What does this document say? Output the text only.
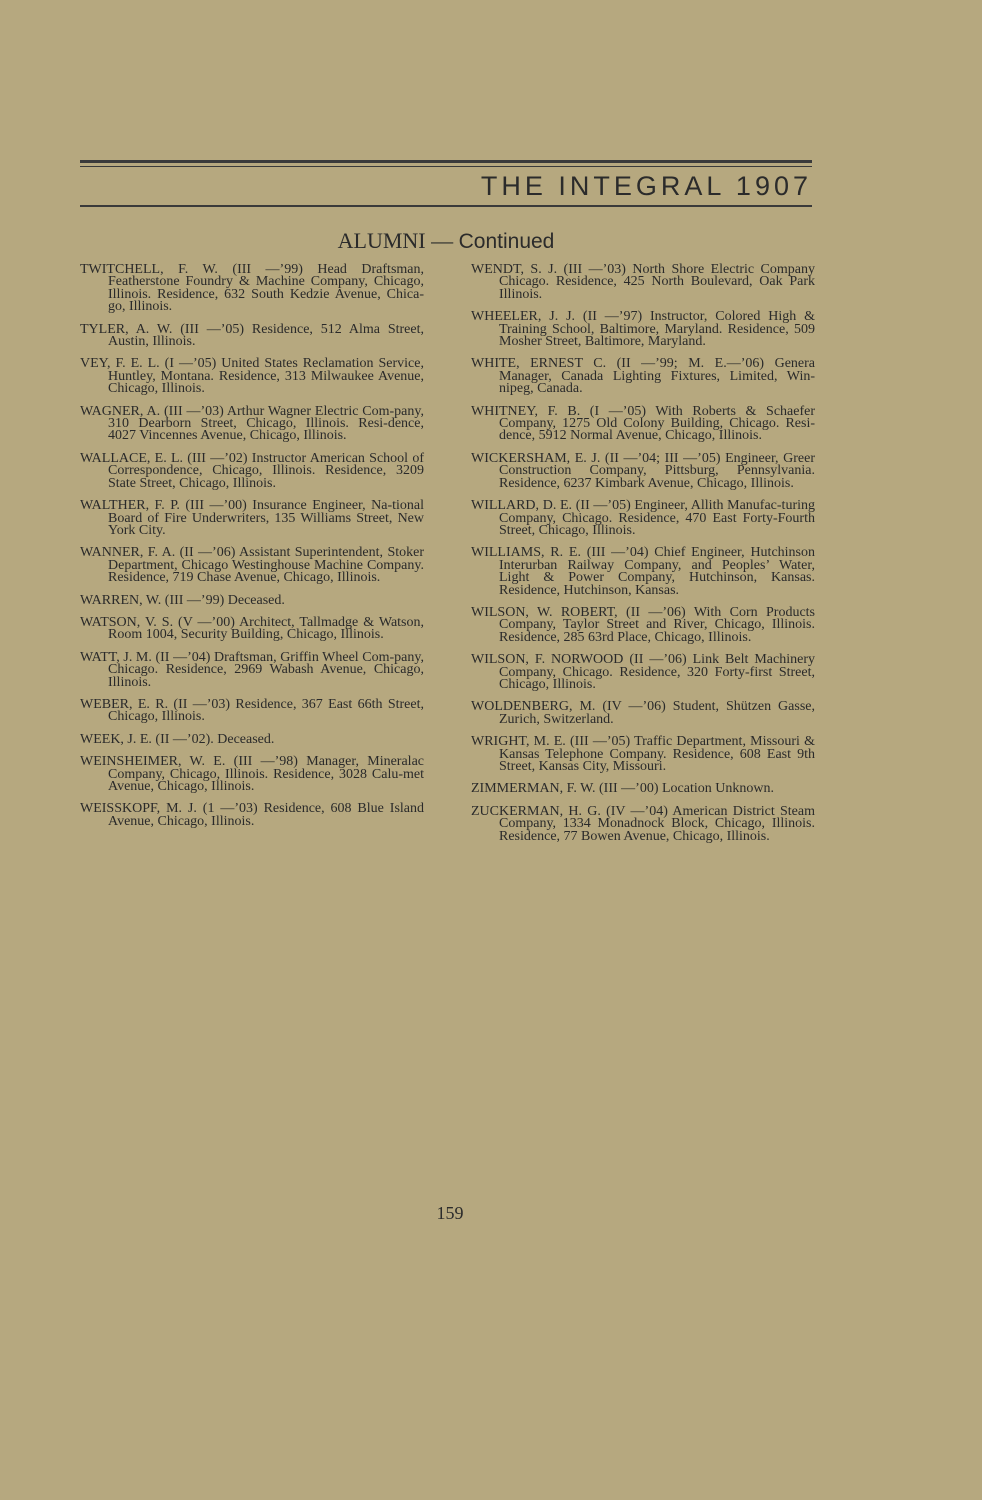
THE INTEGRAL 1907
ALUMNI — Continued

TWITCHELL, F. W. (III —’99) Head Draftsman, Featherstone Foundry & Machine Company, Chicago, Illinois. Residence, 632 South Kedzie Avenue, Chica-go, Illinois.

TYLER, A. W. (III —’05) Residence, 512 Alma Street, Austin, Illinois.

VEY, F. E. L. (I —’05) United States Reclamation Service, Huntley, Montana. Residence, 313 Milwaukee Avenue, Chicago, Illinois.

WAGNER, A. (III —’03) Arthur Wagner Electric Com-pany, 310 Dearborn Street, Chicago, Illinois. Resi-dence, 4027 Vincennes Avenue, Chicago, Illinois.

WALLACE, E. L. (III —’02) Instructor American School of Correspondence, Chicago, Illinois. Residence, 3209 State Street, Chicago, Illinois.

WALTHER, F. P. (III —’00) Insurance Engineer, Na-tional Board of Fire Underwriters, 135 Williams Street, New York City.

WANNER, F. A. (II —’06) Assistant Superintendent, Stoker Department, Chicago Westinghouse Machine Company. Residence, 719 Chase Avenue, Chicago, Illinois.

WARREN, W. (III —’99) Deceased.

WATSON, V. S. (V —’00) Architect, Tallmadge & Watson, Room 1004, Security Building, Chicago, Illinois.

WATT, J. M. (II —’04) Draftsman, Griffin Wheel Com-pany, Chicago. Residence, 2969 Wabash Avenue, Chicago, Illinois.

WEBER, E. R. (II —’03) Residence, 367 East 66th Street, Chicago, Illinois.

WEEK, J. E. (II —’02). Deceased.

WEINSHEIMER, W. E. (III —’98) Manager, Mineralac Company, Chicago, Illinois. Residence, 3028 Calu-met Avenue, Chicago, Illinois.

WEISSKOPF, M. J. (1 —’03) Residence, 608 Blue Island Avenue, Chicago, Illinois.

WENDT, S. J. (III —’03) North Shore Electric Company Chicago. Residence, 425 North Boulevard, Oak Park Illinois.

WHEELER, J. J. (II —’97) Instructor, Colored High & Training School, Baltimore, Maryland. Residence, 509 Mosher Street, Baltimore, Maryland.

WHITE, ERNEST C. (II —’99; M. E.—’06) Genera Manager, Canada Lighting Fixtures, Limited, Win-nipeg, Canada.

WHITNEY, F. B. (I —’05) With Roberts & Schaefer Company, 1275 Old Colony Building, Chicago. Resi-dence, 5912 Normal Avenue, Chicago, Illinois.

WICKERSHAM, E. J. (II —’04; III —’05) Engineer, Greer Construction Company, Pittsburg, Pennsylvania. Residence, 6237 Kimbark Avenue, Chicago, Illinois.

WILLARD, D. E. (II —’05) Engineer, Allith Manufac-turing Company, Chicago. Residence, 470 East Forty-Fourth Street, Chicago, Illinois.

WILLIAMS, R. E. (III —’04) Chief Engineer, Hutchinson Interurban Railway Company, and Peoples’ Water, Light & Power Company, Hutchinson, Kansas. Residence, Hutchinson, Kansas.

WILSON, W. ROBERT, (II —’06) With Corn Products Company, Taylor Street and River, Chicago, Illinois. Residence, 285 63rd Place, Chicago, Illinois.

WILSON, F. NORWOOD (II —’06) Link Belt Machinery Company, Chicago. Residence, 320 Forty-first Street, Chicago, Illinois.

WOLDENBERG, M. (IV —’06) Student, Shützen Gasse, Zurich, Switzerland.

WRIGHT, M. E. (III —’05) Traffic Department, Missouri & Kansas Telephone Company. Residence, 608 East 9th Street, Kansas City, Missouri.

ZIMMERMAN, F. W. (III —’00) Location Unknown.

ZUCKERMAN, H. G. (IV —’04) American District Steam Company, 1334 Monadnock Block, Chicago, Illinois. Residence, 77 Bowen Avenue, Chicago, Illinois.

159
